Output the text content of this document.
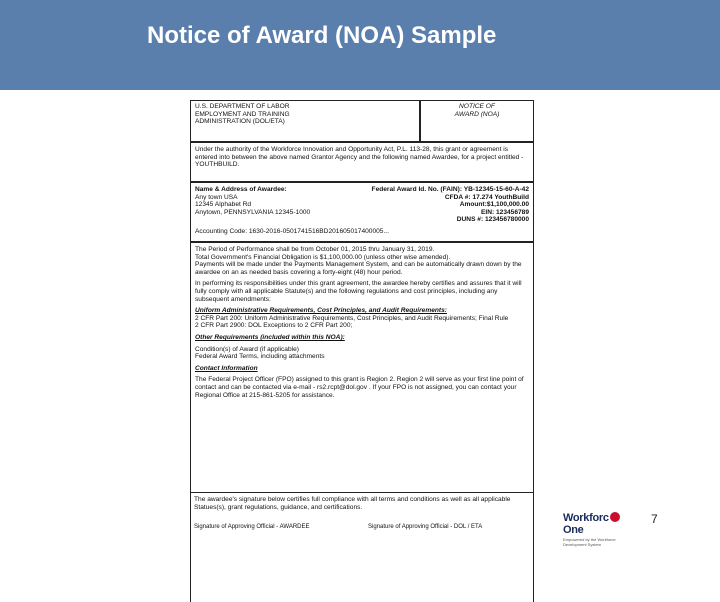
Notice of Award (NOA) Sample
U.S. DEPARTMENT OF LABOR
EMPLOYMENT AND TRAINING
ADMINISTRATION (DOL/ETA)
NOTICE OF
AWARD (NOA)
Under the authority of the Workforce Innovation and Opportunity Act, P.L. 113-28, this grant or agreement is entered into between the above named Grantor Agency and the following named Awardee, for a project entitled - YOUTHBUILD.
Name & Address of Awardee:
Any town USA
12345 Alphabet Rd
Anytown, PENNSYLVANIA 12345-1000
Federal Award Id. No. (FAIN): YB-12345-15-60-A-42
CFDA #: 17.274 YouthBuild
Amount:$1,100,000.00
EIN: 123456789
DUNS #: 123456780000
Accounting Code: 1630-2016-0501741516BD201605017400005...
The Period of Performance shall be from October 01, 2015 thru January 31, 2019.
Total Government's Financial Obligation is $1,100,000.00 (unless other wise amended).
Payments will be made under the Payments Management System, and can be automatically drawn down by the awardee on an as needed basis covering a forty-eight (48) hour period.
In performing its responsibilities under this grant agreement, the awardee hereby certifies and assures that it will fully comply with all applicable Statute(s) and the following regulations and cost principles, including any subsequent amendments:
Uniform Administrative Requirements, Cost Principles, and Audit Requirements:
2 CFR Part 200: Uniform Administrative Requirements, Cost Principles, and Audit Requirements; Final Rule
2 CFR Part 2900: DOL Exceptions to 2 CFR Part 200;
Other Requirements (included within this NOA):
Condition(s) of Award (if applicable)
Federal Award Terms, including attachments
Contact Information
The Federal Project Officer (FPO) assigned to this grant is Region 2. Region 2 will serve as your first line point of contact and can be contacted via e-mail - rs2.rcpt@dol.gov . If your FPO is not assigned, you can contact your Regional Office at 215-861-5205 for assistance.
The awardee's signature below certifies full compliance with all terms and conditions as well as all applicable Statues(s), grant regulations, guidance, and certifications.
Signature of Approving Official - AWARDEE	Signature of Approving Official - DOL / ETA
WorkforcOne
Empowered by the Workforce Development System
7
